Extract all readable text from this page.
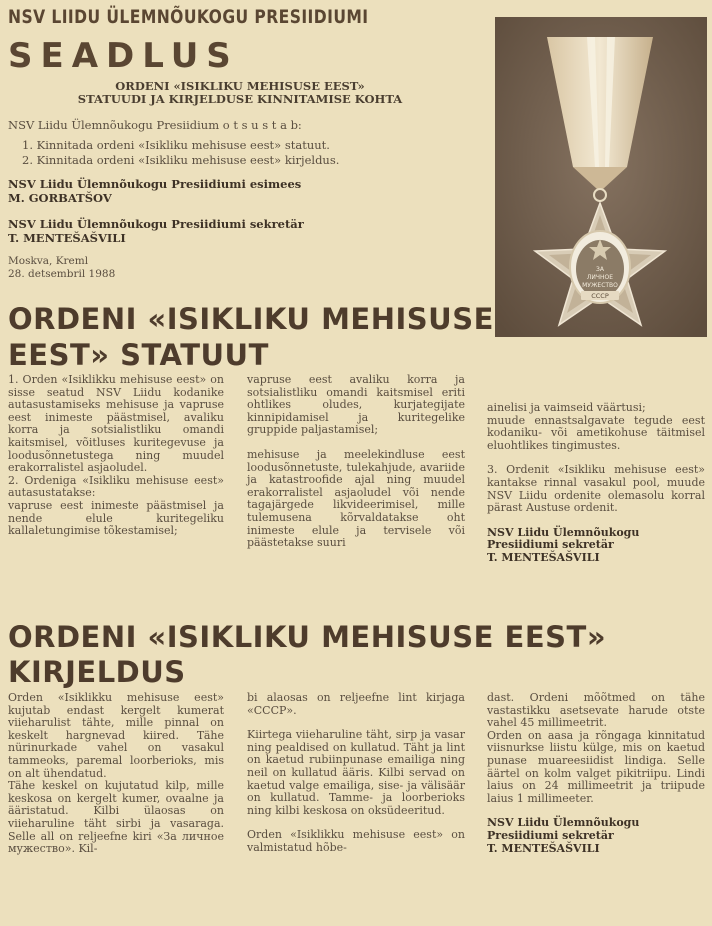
NSV LIIDU ÜLEMNÕUKOGU PRESIIDIUMI
SEADLUS
ORDENI «ISIKLIKU MEHISUSE EEST»
STATUUDI JA KIRJELDUSE KINNITAMISE KOHTA
NSV Liidu Ülemnõukogu Presiidium o t s u s t a b:
1. Kinnitada ordeni «Isikliku mehisuse eest» statuut.
2. Kinnitada ordeni «Isikliku mehisuse eest» kirjeldus.
NSV Liidu Ülemnõukogu Presiidiumi esimees
M. GORBATŠOV
NSV Liidu Ülemnõukogu Presiidiumi sekretär
T. MENTEŠAŠVILI
Moskva, Kreml
28. detsembril 1988	ЗА
ЛИЧНОЕ
МУЖЕСТВО
СССР
ORDENI «ISIKLIKU MEHISUSE
EEST» STATUUT

1. Orden «Isiklikku mehisuse eest» on sisse seatud NSV Liidu kodanike autasustamiseks mehisuse ja vapruse eest inimeste päästmisel, avaliku korra ja sotsialistliku omandi kaitsmisel, võitluses kuritegevuse ja loodusõnnetustega ning muudel erakorralistel asjaoludel.

2. Ordeniga «Isikliku mehisuse eest» autasustatakse:

vapruse eest inimeste päästmisel ja nende elule kuritegeliku kallaletungimise tõkestamisel;

vapruse eest avaliku korra ja sotsialistliku omandi kaitsmisel eriti ohtlikes oludes, kurjategijate kinnipidamisel ja kuritegelike gruppide paljastamisel;

mehisuse ja meelekindluse eest loodusõnnetuste, tulekahjude, avariide ja katastroofide ajal ning muudel erakorralistel asjaoludel või nende tagajärgede likvideerimisel, mille tulemusena kõrvaldatakse oht inimeste elule ja tervisele või päästetakse suuri

ainelisi ja vaimseid väärtusi;

muude ennastsalgavate tegude eest kodaniku- või ametikohuse täitmisel eluohtlikes tingimustes.

3. Ordenit «Isikliku mehisuse eest» kantakse rinnal vasakul pool, muude NSV Liidu ordenite olemasolu korral pärast Austuse ordenit.

NSV Liidu Ülemnõukogu

Presiidiumi sekretär

T. MENTEŠAŠVILI

ORDENI «ISIKLIKU MEHISUSE EEST»
KIRJELDUS

Orden «Isiklikku mehisuse eest» kujutab endast kergelt kumerat viieharulist tähte, mille pinnal on keskelt hargnevad kiired. Tähe nürinurkade vahel on vasakul tammeoks, paremal loorberioks, mis on alt ühendatud.

Tähe keskel on kujutatud kilp, mille keskosa on kergelt kumer, ovaalne ja ääristatud. Kilbi ülaosas on viieharuline täht sirbi ja vasaraga. Selle all on reljeefne kiri «За личное мужество». Kil-

bi alaosas on reljeefne lint kirjaga «CCCP».

Kiirtega viieharuline täht, sirp ja vasar ning pealdised on kullatud. Täht ja lint on kaetud rubiinpunase emailiga ning neil on kullatud ääris. Kilbi servad on kaetud valge emailiga, sise- ja välisäär on kullatud. Tamme- ja loorberioks ning kilbi keskosa on oksüdeeritud.

Orden «Isiklikku mehisuse eest» on valmistatud hõbe-

dast. Ordeni mõõtmed on tähe vastastikku asetsevate harude otste vahel 45 millimeetrit.

Orden on aasa ja rõngaga kinnitatud viisnurkse liistu külge, mis on kaetud punase muareesiidist lindiga. Selle äärtel on kolm valget pikitriipu. Lindi laius on 24 millimeetrit ja triipude laius 1 millimeeter.

NSV Liidu Ülemnõukogu

Presiidiumi sekretär

T. MENTEŠAŠVILI
